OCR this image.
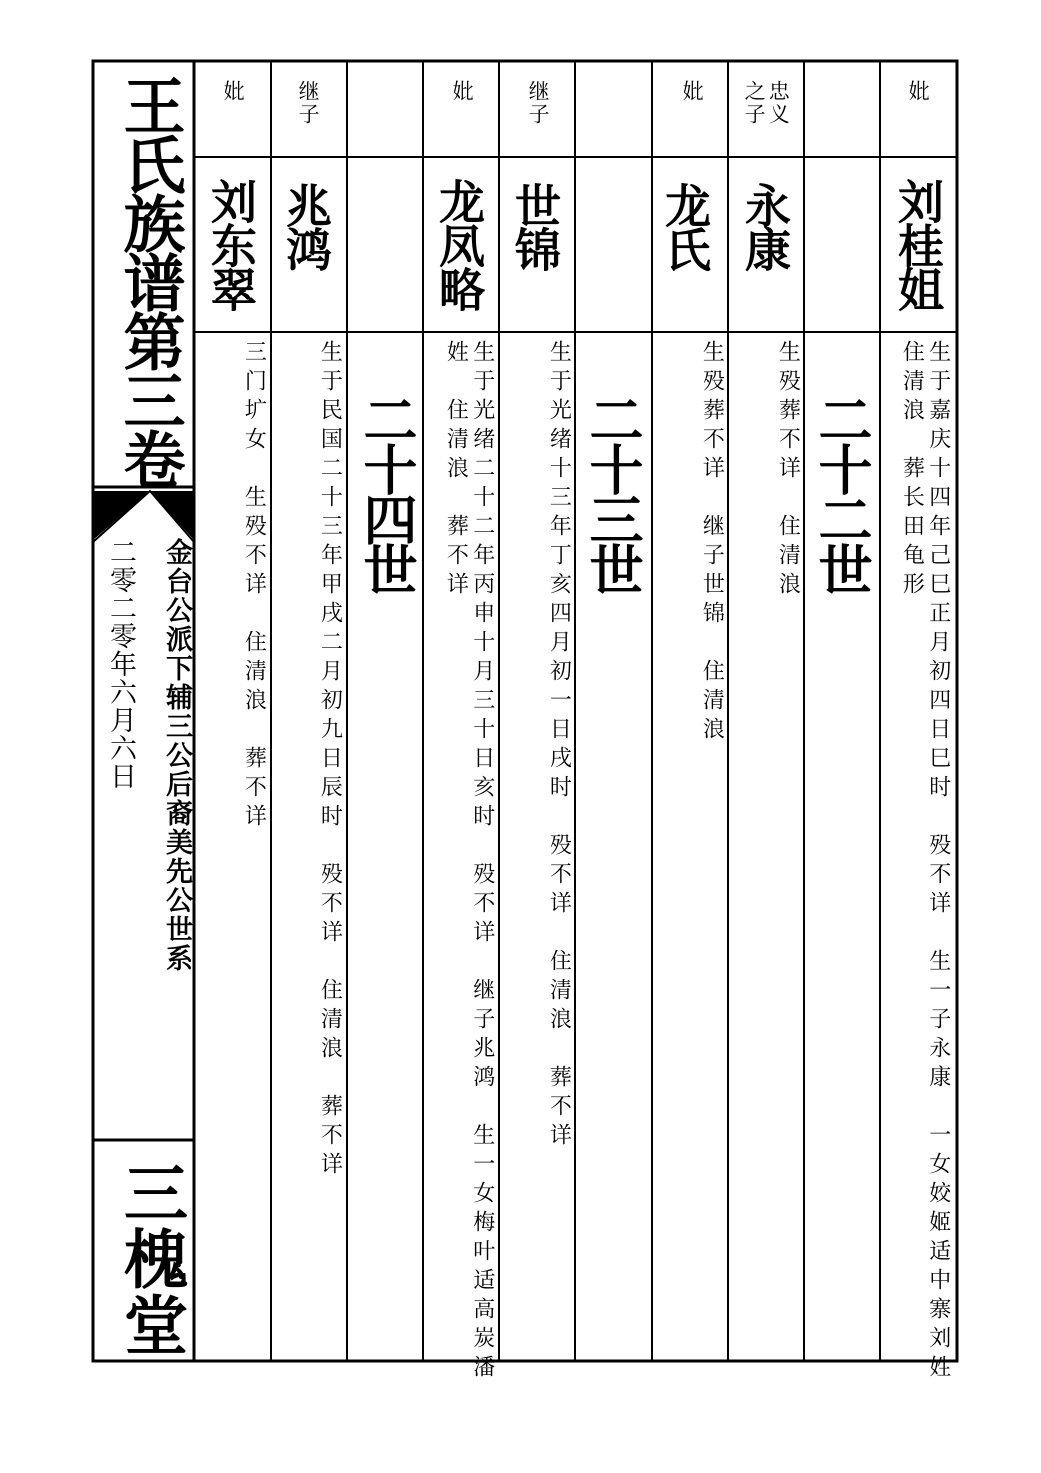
王氏族谱第三卷
金台公派下辅三公后裔美先公世系
二零二零年六月六日
三槐堂
妣
刘桂姐
生于嘉庆十四年己巳正月初四日巳时　殁不详　生一子永康　一女姣姬适中寨刘姓
住清浪　葬长田龟形
二十二世
忠义
之子
永康
生殁葬不详　住清浪
妣
龙氏
生殁葬不详　继子世锦　住清浪
二十三世
继子
世锦
生于光绪十三年丁亥四月初一日戌时　殁不详　住清浪　葬不详
妣
龙凤略
生于光绪二十二年丙申十月三十日亥时　殁不详　继子兆鸿　生一女梅叶适高炭潘
姓　住清浪　葬不详
二十四世
继子
兆鸿
生于民国二十三年甲戌二月初九日辰时　殁不详　住清浪　葬不详
妣
刘东翠
三门圹女　生殁不详　住清浪　葬不详
